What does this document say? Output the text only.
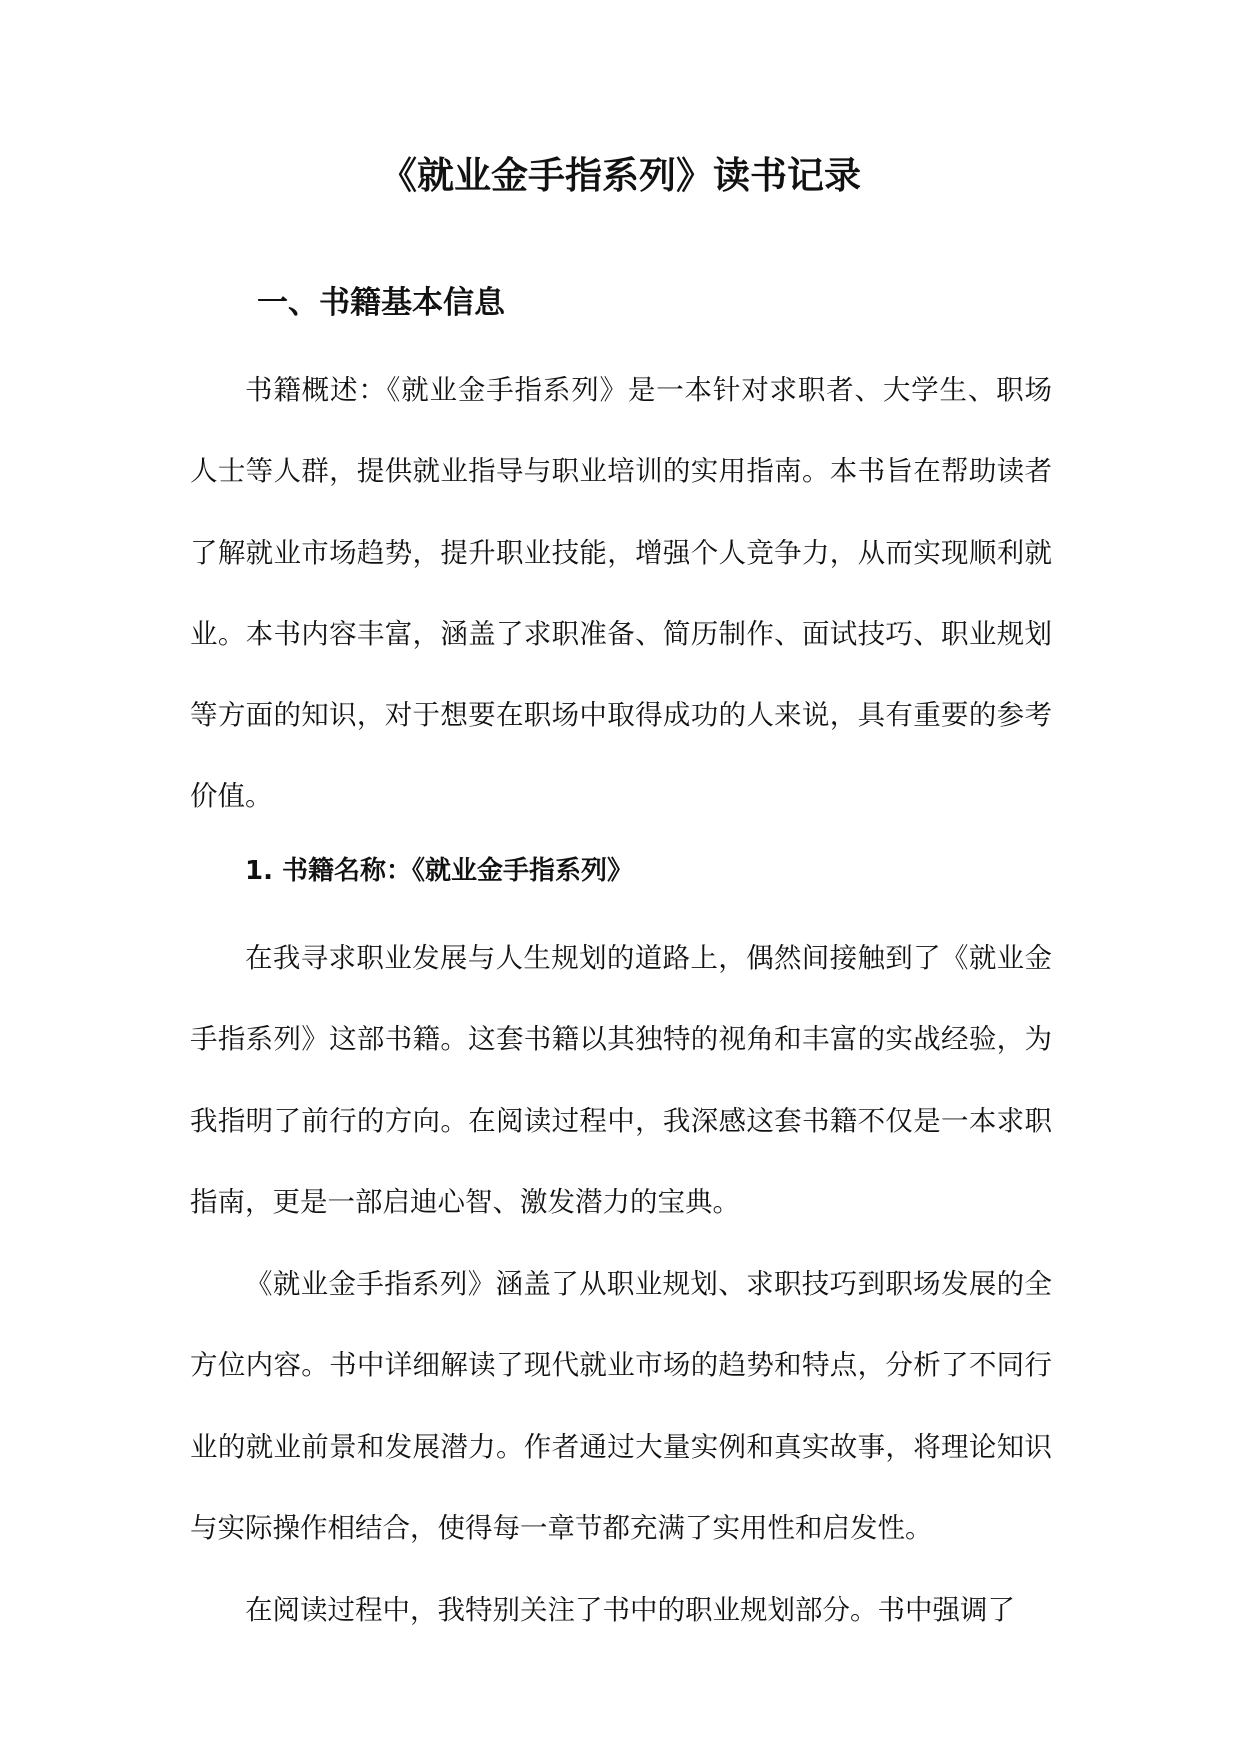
《就业金手指系列》读书记录
一、书籍基本信息

书籍概述：《就业金手指系列》是一本针对求职者、大学生、职场人士等人群，提供就业指导与职业培训的实用指南。本书旨在帮助读者了解就业市场趋势，提升职业技能，增强个人竞争力，从而实现顺利就业。本书内容丰富，涵盖了求职准备、简历制作、面试技巧、职业规划等方面的知识，对于想要在职场中取得成功的人来说，具有重要的参考价值。

1. 书籍名称：《就业金手指系列》

在我寻求职业发展与人生规划的道路上，偶然间接触到了《就业金手指系列》这部书籍。这套书籍以其独特的视角和丰富的实战经验，为我指明了前行的方向。在阅读过程中，我深感这套书籍不仅是一本求职指南，更是一部启迪心智、激发潜力的宝典。

《就业金手指系列》涵盖了从职业规划、求职技巧到职场发展的全方位内容。书中详细解读了现代就业市场的趋势和特点，分析了不同行业的就业前景和发展潜力。作者通过大量实例和真实故事，将理论知识与实际操作相结合，使得每一章节都充满了实用性和启发性。

在阅读过程中，我特别关注了书中的职业规划部分。书中强调了
